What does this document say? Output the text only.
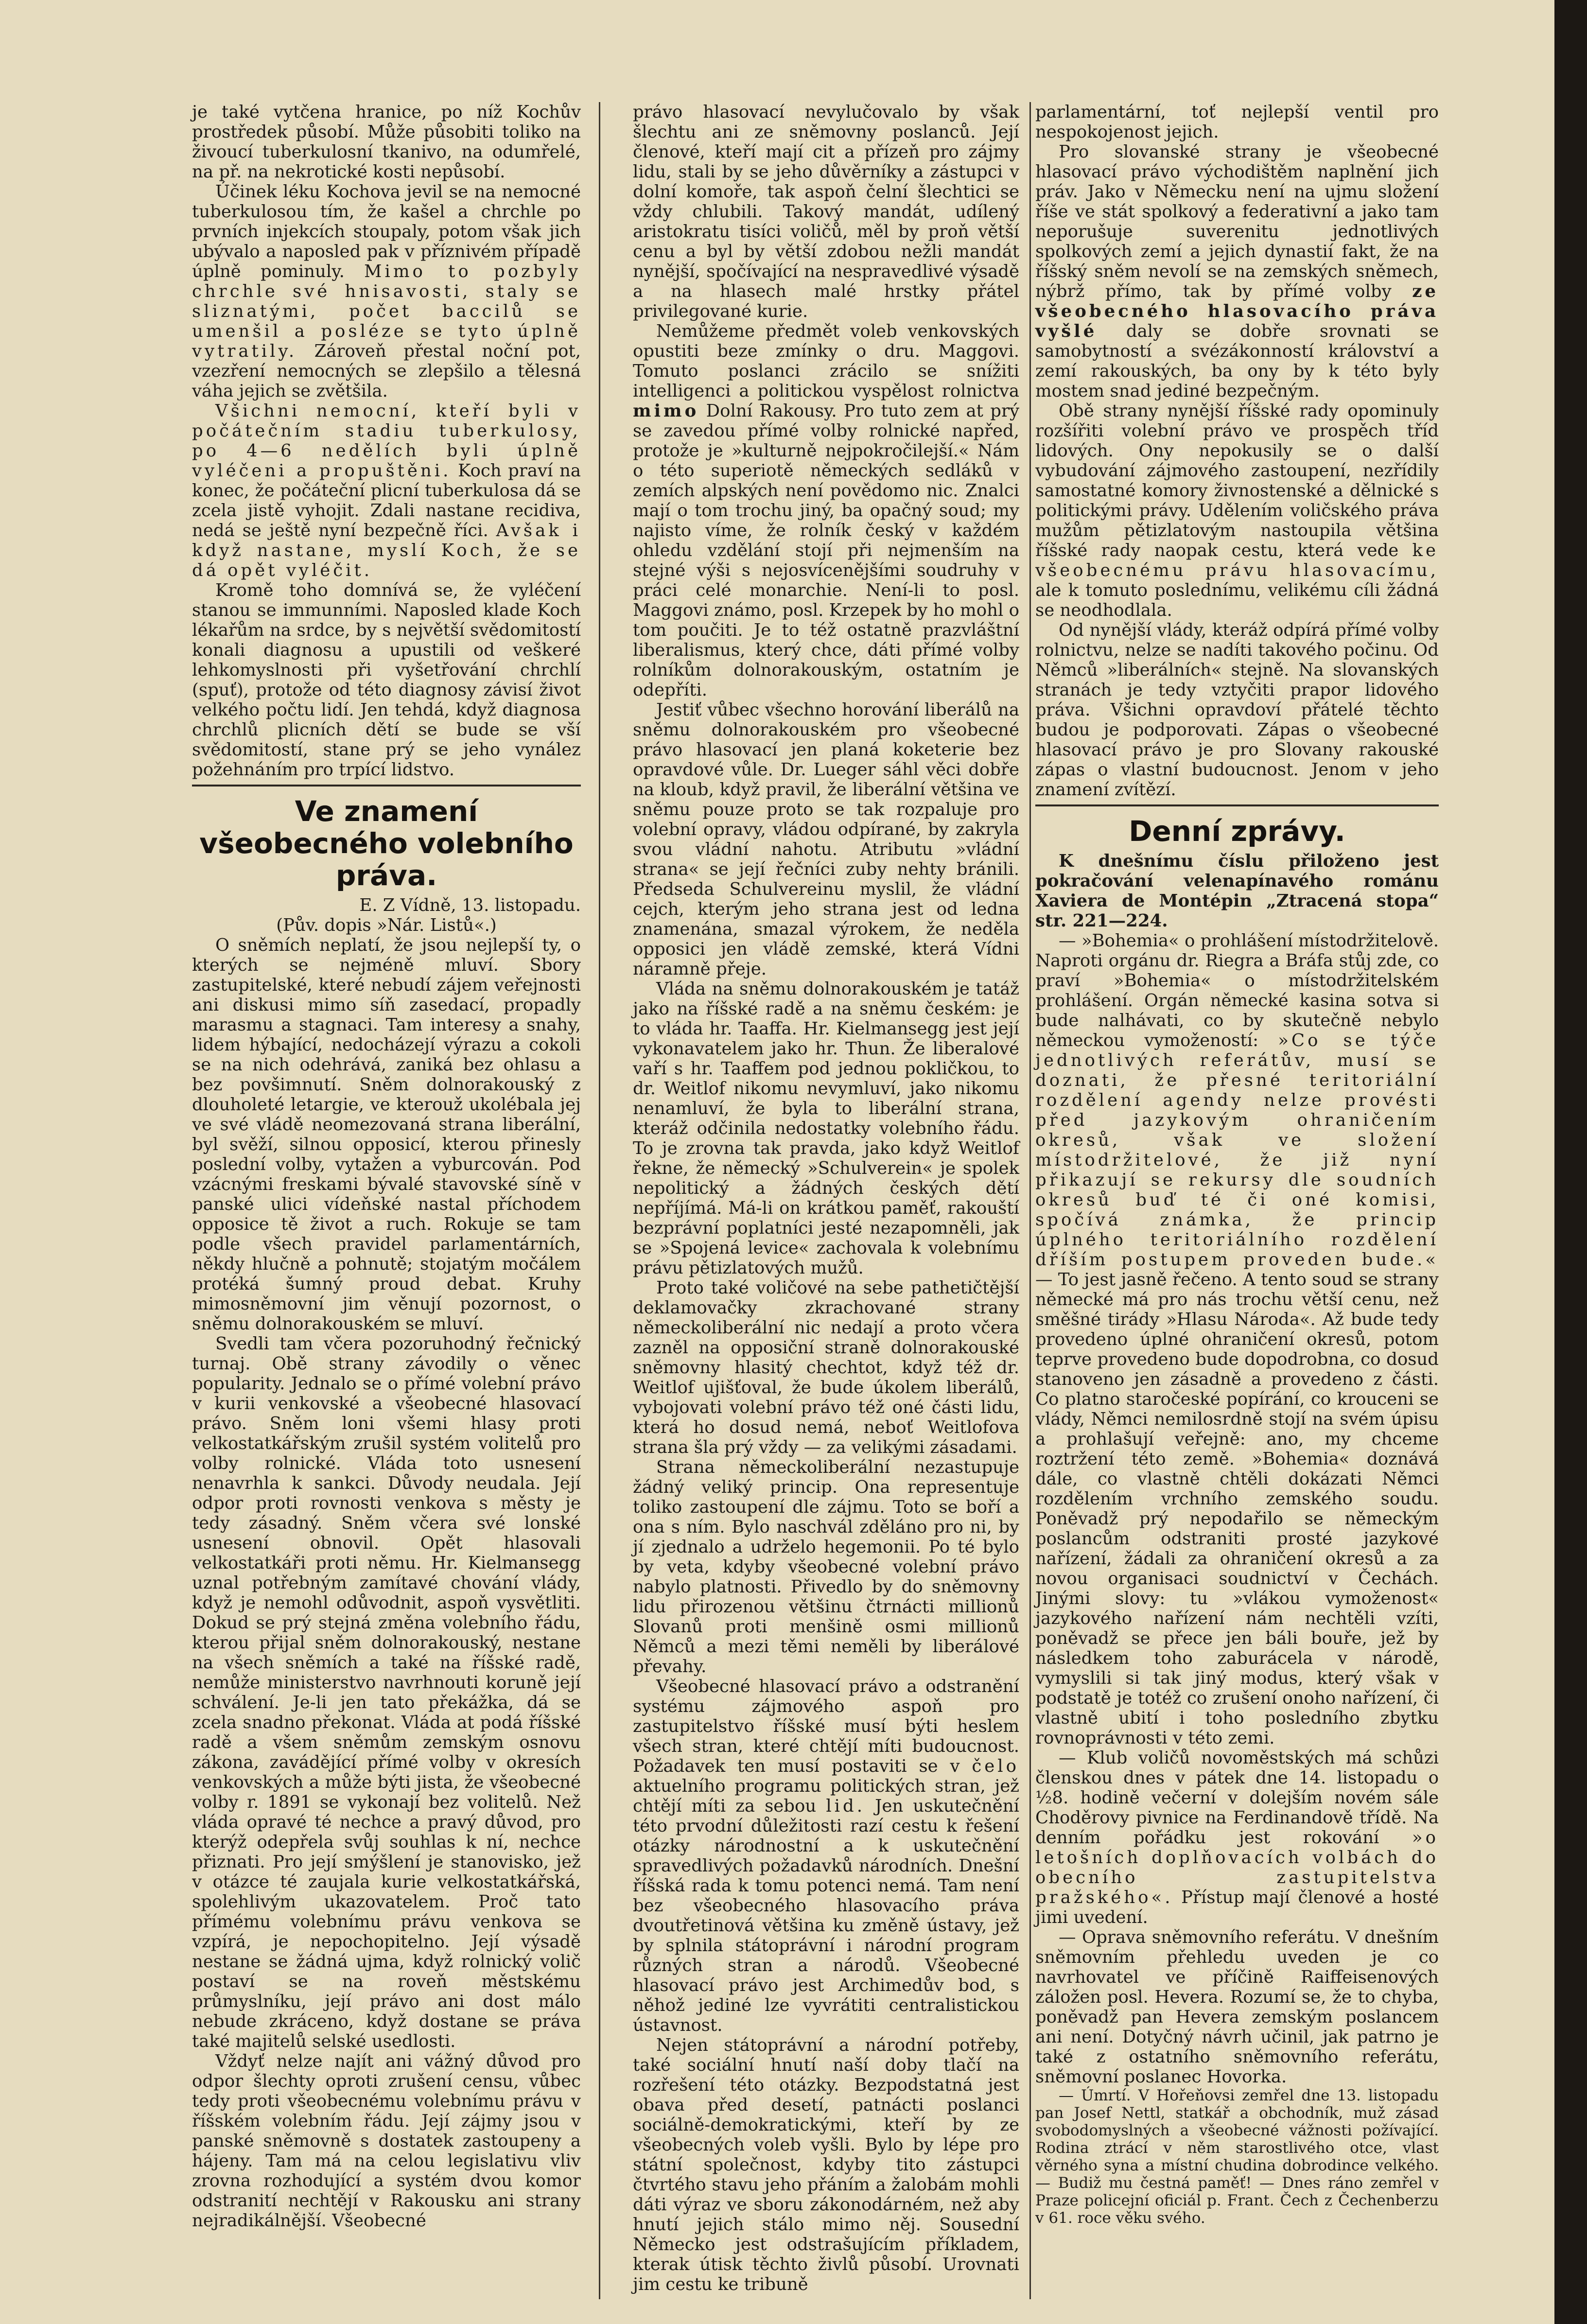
je také vytčena hranice, po níž Kochův prostředek působí. Může působiti toliko na živoucí tuberkulosní tkanivo, na odumřelé, na př. na nekrotické kosti nepůsobí.

Účinek léku Kochova jevil se na nemocné tuberkulosou tím, že kašel a chrchle po prvních injekcích stoupaly, potom však jich ubývalo a naposled pak v příznivém případě úplně pominuly. Mimo to pozbyly chrchle své hnisavosti, staly se sliznatými, počet baccilů se umenšil a posléze se tyto úplně vytratily. Zároveň přestal noční pot, vzezření nemocných se zlepšilo a tělesná váha jejich se zvětšila.

Všichni nemocní, kteří byli v počátečním stadiu tuberkulosy, po 4—6 nedělích byli úplně vyléčeni a propuštěni. Koch praví na konec, že počáteční plicní tuberkulosa dá se zcela jistě vyhojit. Zdali nastane recidiva, nedá se ještě nyní bezpečně říci. Avšak i když nastane, myslí Koch, že se dá opět vyléčit.

Kromě toho domnívá se, že vyléčení stanou se immunními. Naposled klade Koch lékařům na srdce, by s největší svědomitostí konali diagnosu a upustili od veškeré lehkomyslnosti při vyšetřování chrchlí (spuť), protože od této diagnosy závisí život velkého počtu lidí. Jen tehdá, když diagnosa chrchlů plicních dětí se bude se vší svědomitostí, stane prý se jeho vynález požehnáním pro trpící lidstvo.

Ve znamení všeobecného volebního práva.

E. Z Vídně, 13. listopadu.

(Pův. dopis »Nár. Listů«.)

O sněmích neplatí, že jsou nejlepší ty, o kterých se nejméně mluví. Sbory zastupitelské, které nebudí zájem veřejnosti ani diskusi mimo síň zasedací, propadly marasmu a stagnaci. Tam interesy a snahy, lidem hýbající, nedocházejí výrazu a cokoli se na nich odehrává, zaniká bez ohlasu a bez povšimnutí. Sněm dolnorakouský z dlouholeté letargie, ve kterouž ukolébala jej ve své vládě neomezovaná strana liberální, byl svěží, silnou opposicí, kterou přinesly poslední volby, vytažen a vyburcován. Pod vzácnými freskami bývalé stavovské síně v panské ulici vídeňské nastal příchodem opposice tě život a ruch. Rokuje se tam podle všech pravidel parlamentárních, někdy hlučně a pohnutě; stojatým močálem protéká šumný proud debat. Kruhy mimosněmovní jim věnují pozornost, o sněmu dolnorakouském se mluví.

Svedli tam včera pozoruhodný řečnický turnaj. Obě strany závodily o věnec popularity. Jednalo se o přímé volební právo v kurii venkovské a všeobecné hlasovací právo. Sněm loni všemi hlasy proti velkostatkářským zrušil systém volitelů pro volby rolnické. Vláda toto usnesení nenavrhla k sankci. Důvody neudala. Její odpor proti rovnosti venkova s městy je tedy zásadný. Sněm včera své lonské usnesení obnovil. Opět hlasovali velkostatkáři proti němu. Hr. Kielmansegg uznal potřebným zamítavé chování vlády, když je nemohl odůvodnit, aspoň vysvětliti. Dokud se prý stejná změna volebního řádu, kterou přijal sněm dolnorakouský, nestane na všech sněmích a také na říšské radě, nemůže ministerstvo navrhnouti koruně její schválení. Je-li jen tato překážka, dá se zcela snadno překonat. Vláda at podá říšské radě a všem sněmům zemským osnovu zákona, zavádějící přímé volby v okresích venkovských a může býti jista, že všeobecné volby r. 1891 se vykonají bez volitelů. Než vláda opravé té nechce a pravý důvod, pro kterýž odepřela svůj souhlas k ní, nechce přiznati. Pro její smýšlení je stanovisko, jež v otázce té zaujala kurie velkostatkářská, spolehlivým ukazovatelem. Proč tato přímému volebnímu právu venkova se vzpírá, je nepochopitelno. Její výsadě nestane se žádná ujma, když rolnický volič postaví se na roveň městskému průmyslníku, její právo ani dost málo nebude zkráceno, když dostane se práva také majitelů selské usedlosti.

Vždyť nelze najít ani vážný důvod pro odpor šlechty oproti zrušení censu, vůbec tedy proti všeobecnému volebnímu právu v říšském volebním řádu. Její zájmy jsou v panské sněmovně s dostatek zastoupeny a hájeny. Tam má na celou legislativu vliv zrovna rozhodující a systém dvou komor odstranití nechtějí v Rakousku ani strany nejradikálnější. Všeobecné

právo hlasovací nevylučovalo by však šlechtu ani ze sněmovny poslanců. Její členové, kteří mají cit a přízeň pro zájmy lidu, stali by se jeho důvěrníky a zástupci v dolní komoře, tak aspoň čelní šlechtici se vždy chlubili. Takový mandát, udílený aristokratu tisíci voličů, měl by proň větší cenu a byl by větší zdobou nežli mandát nynější, spočívající na nespravedlivé výsadě a na hlasech malé hrstky přátel privilegované kurie.

Nemůžeme předmět voleb venkovských opustiti beze zmínky o dru. Maggovi. Tomuto poslanci zrácilo se snížiti intelligenci a politickou vyspělost rolnictva mimo Dolní Rakousy. Pro tuto zem at prý se zavedou přímé volby rolnické napřed, protože je »kulturně nejpokročilejší.« Nám o této superiotě německých sedláků v zemích alpských není povědomo nic. Znalci mají o tom trochu jiný, ba opačný soud; my najisto víme, že rolník český v každém ohledu vzdělání stojí při nejmenším na stejné výši s nejosvícenějšími soudruhy v práci celé monarchie. Není-li to posl. Maggovi známo, posl. Krzepek by ho mohl o tom poučiti. Je to též ostatně prazvláštní liberalismus, který chce, dáti přímé volby rolníkům dolnorakouským, ostatním je odepříti.

Jestiť vůbec všechno horování liberálů na sněmu dolnorakouském pro všeobecné právo hlasovací jen planá koketerie bez opravdové vůle. Dr. Lueger sáhl věci dobře na kloub, když pravil, že liberální většina ve sněmu pouze proto se tak rozpaluje pro volební opravy, vládou odpírané, by zakryla svou vládní nahotu. Atributu »vládní strana« se její řečníci zuby nehty bránili. Předseda Schulvereinu myslil, že vládní cejch, kterým jeho strana jest od ledna znamenána, smazal výrokem, že neděla opposici jen vládě zemské, která Vídni náramně přeje.

Vláda na sněmu dolnorakouském je tatáž jako na říšské radě a na sněmu českém: je to vláda hr. Taaffa. Hr. Kielmansegg jest její vykonavatelem jako hr. Thun. Že liberalové vaří s hr. Taaffem pod jednou pokličkou, to dr. Weitlof nikomu nevymluví, jako nikomu nenamluví, že byla to liberální strana, kteráž odčinila nedostatky volebního řádu. To je zrovna tak pravda, jako když Weitlof řekne, že německý »Schulverein« je spolek nepolitický a žádných českých dětí nepříjímá. Má-li on krátkou paměť, rakouští bezprávní poplatníci jesté nezapomněli, jak se »Spojená levice« zachovala k volebnímu právu pětizlatových mužů.

Proto také voličové na sebe pathetičtější deklamovačky zkrachované strany německoliberální nic nedají a proto včera zazněl na opposiční straně dolnorakouské sněmovny hlasitý chechtot, když též dr. Weitlof ujišťoval, že bude úkolem liberálů, vybojovati volební právo též oné části lidu, která ho dosud nemá, neboť Weitlofova strana šla prý vždy — za velikými zásadami.

Strana německoliberální nezastupuje žádný veliký princip. Ona representuje toliko zastoupení dle zájmu. Toto se boří a ona s ním. Bylo naschvál zděláno pro ni, by jí zjednalo a udrželo hegemonii. Po té bylo by veta, kdyby všeobecné volební právo nabylo platnosti. Přivedlo by do sněmovny lidu přirozenou většinu čtrnácti millionů Slovanů proti menšině osmi millionů Němců a mezi těmi neměli by liberálové převahy.

Všeobecné hlasovací právo a odstranění systému zájmového aspoň pro zastupitelstvo říšské musí býti heslem všech stran, které chtějí míti budoucnost. Požadavek ten musí postaviti se v čelo aktuelního programu politických stran, jež chtějí míti za sebou lid. Jen uskutečnění této prvodní důležitosti razí cestu k řešení otázky národnostní a k uskutečnění spravedlivých požadavků národních. Dnešní říšská rada k tomu potenci nemá. Tam není bez všeobecného hlasovacího práva dvoutřetinová většina ku změně ústavy, jež by splnila státoprávní i národní program různých stran a národů. Všeobecné hlasovací právo jest Archimedův bod, s něhož jediné lze vyvrátiti centralistickou ústavnost.

Nejen státoprávní a národní potřeby, také sociální hnutí naší doby tlačí na rozřešení této otázky. Bezpodstatná jest obava před desetí, patnácti poslanci sociálně-demokratickými, kteří by ze všeobecných voleb vyšli. Bylo by lépe pro státní společnost, kdyby tito zástupci čtvrtého stavu jeho přáním a žalobám mohli dáti výraz ve sboru zákonodárném, než aby hnutí jejich stálo mimo něj. Sousední Německo jest odstrašujícím příkladem, kterak útisk těchto živlů působí. Urovnati jim cestu ke tribuně

parlamentární, toť nejlepší ventil pro nespokojenost jejich.

Pro slovanské strany je všeobecné hlasovací právo východištěm naplnění jich práv. Jako v Německu není na ujmu složení říše ve stát spolkový a federativní a jako tam neporušuje suverenitu jednotlivých spolkových zemí a jejich dynastií fakt, že na říšský sněm nevolí se na zemských sněmech, nýbrž přímo, tak by přímé volby ze všeobecného hlasovacího práva vyšlé daly se dobře srovnati se samobytností a svézákonností království a zemí rakouských, ba ony by k této byly mostem snad jediné bezpečným.

Obě strany nynější říšské rady opominuly rozšířiti volební právo ve prospěch tříd lidových. Ony nepokusily se o další vybudování zájmového zastoupení, nezřídily samostatné komory živnostenské a dělnické s politickými právy. Udělením voličského práva mužům pětizlatovým nastoupila většina říšské rady naopak cestu, která vede ke všeobecnému právu hlasovacímu, ale k tomuto poslednímu, velikému cíli žádná se neodhodlala.

Od nynější vlády, kteráž odpírá přímé volby rolnictvu, nelze se nadíti takového počinu. Od Němců »liberálních« stejně. Na slovanských stranách je tedy vztyčiti prapor lidového práva. Všichni opravdoví přátelé těchto budou je podporovati. Zápas o všeobecné hlasovací právo je pro Slovany rakouské zápas o vlastní budoucnost. Jenom v jeho znamení zvítězí.

Denní zprávy.

K dnešnímu číslu přiloženo jest pokračování velenapínavého románu Xaviera de Montépin „Ztracená stopa“ str. 221—224.

— »Bohemia« o prohlášení místodržitelově. Naproti orgánu dr. Riegra a Bráfa stůj zde, co praví »Bohemia« o místodržitelském prohlášení. Orgán německé kasina sotva si bude nalhávati, co by skutečně nebylo německou vymožeností: »Co se týče jednotlivých referátův, musí se doznati, že přesné teritoriální rozdělení agendy nelze provésti před jazykovým ohraničením okresů, však ve složení místodržitelové, že již nyní přikazují se rekursy dle soudních okresů buď té či oné komisi, spočívá známka, že princip úplného teritoriálního rozdělení dříším postupem proveden bude.« — To jest jasně řečeno. A tento soud se strany německé má pro nás trochu větší cenu, než směšné tirády »Hlasu Národa«. Až bude tedy provedeno úplné ohraničení okresů, potom teprve provedeno bude dopodrobna, co dosud stanoveno jen zásadně a provedeno z části. Co platno staročeské popírání, co krouceni se vlády, Němci nemilosrdně stojí na svém úpisu a prohlašují veřejně: ano, my chceme roztržení této země. »Bohemia« doznává dále, co vlastně chtěli dokázati Němci rozdělením vrchního zemského soudu. Poněvadž prý nepodařilo se německým poslancům odstraniti prosté jazykové nařízení, žádali za ohraničení okresů a za novou organisaci soudnictví v Čechách. Jinými slovy: tu »vlákou vymoženost« jazykového nařízení nám nechtěli vzíti, poněvadž se přece jen báli bouře, jež by následkem toho zaburácela v národě, vymyslili si tak jiný modus, který však v podstatě je totéž co zrušení onoho nařízení, či vlastně ubití i toho posledního zbytku rovnoprávnosti v této zemi.

— Klub voličů novoměstských má schůzi členskou dnes v pátek dne 14. listopadu o ½8. hodině večerní v dolejším novém sále Choděrovy pivnice na Ferdinandově třídě. Na denním pořádku jest rokování »o letošních doplňovacích volbách do obecního zastupitelstva pražského«. Přístup mají členové a hosté jimi uvedení.

— Oprava sněmovního referátu. V dnešním sněmovním přehledu uveden je co navrhovatel ve příčině Raiffeisenových záložen posl. Hevera. Rozumí se, že to chyba, poněvadž pan Hevera zemským poslancem ani není. Dotyčný návrh učinil, jak patrno je také z ostatního sněmovního referátu, sněmovní poslanec Hovorka.

— Úmrtí. V Hořeňovsi zemřel dne 13. listopadu pan Josef Nettl, statkář a obchodník, muž zásad svobodomyslných a všeobecné vážnosti požívající. Rodina ztrácí v něm starostlivého otce, vlast věrného syna a místní chudina dobrodince velkého. — Budiž mu čestná paměť! — Dnes ráno zemřel v Praze policejní oficiál p. Frant. Čech z Čechenberzu v 61. roce věku svého.
